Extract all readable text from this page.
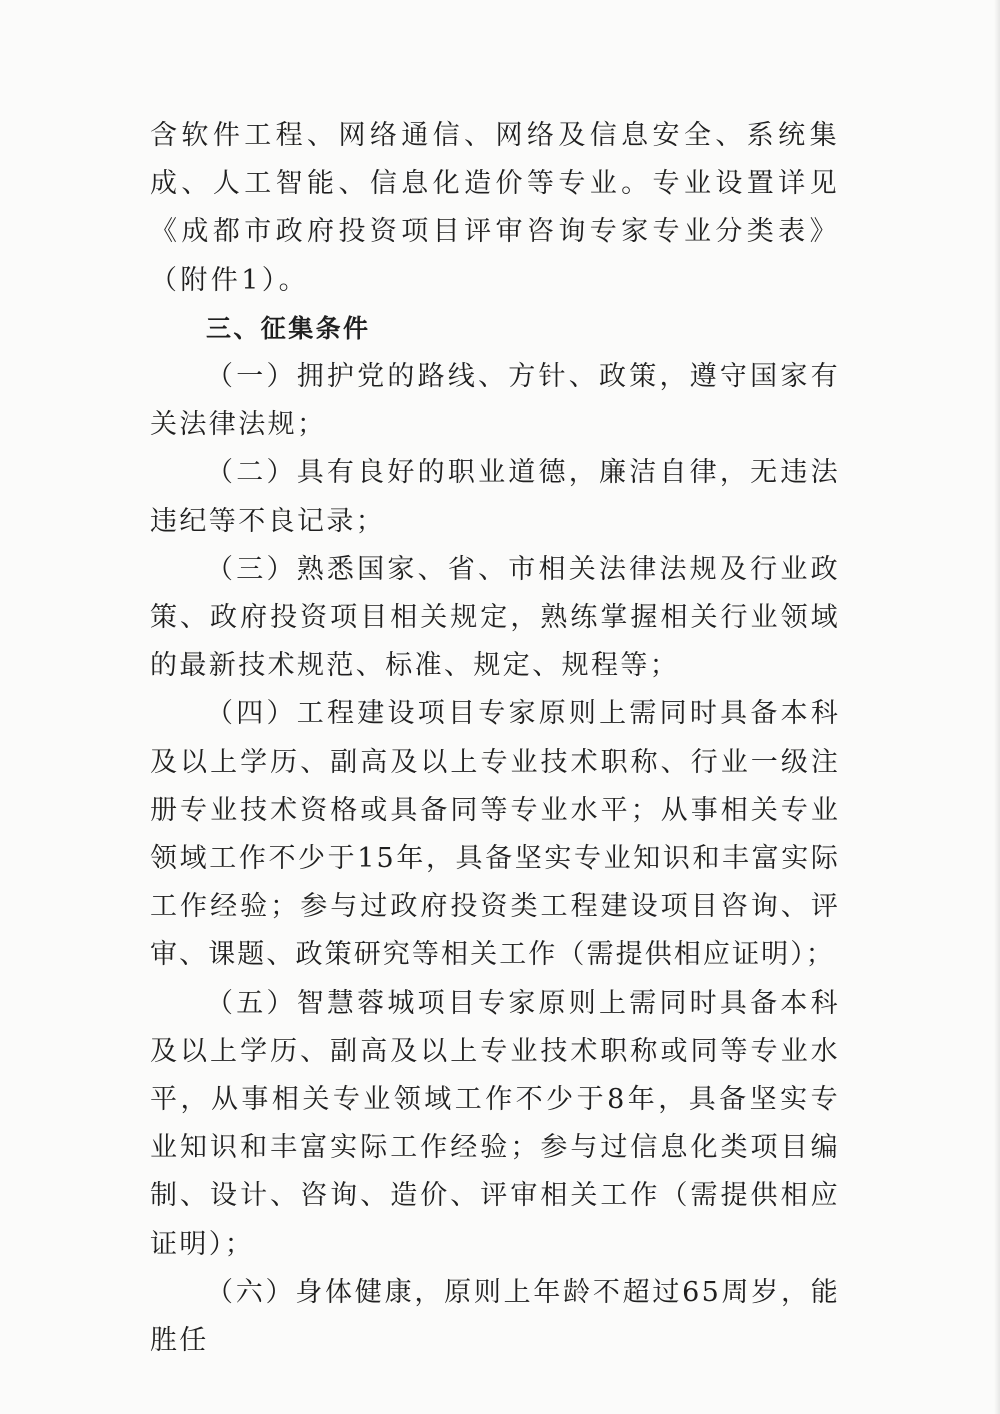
含软件工程、网络通信、网络及信息安全、系统集成、人工智能、信息化造价等专业。专业设置详见《成都市政府投资项目评审咨询专家专业分类表》（附件1）。

三、征集条件

（一）拥护党的路线、方针、政策，遵守国家有关法律法规；

（二）具有良好的职业道德，廉洁自律，无违法违纪等不良记录；

（三）熟悉国家、省、市相关法律法规及行业政策、政府投资项目相关规定，熟练掌握相关行业领域的最新技术规范、标准、规定、规程等；

（四）工程建设项目专家原则上需同时具备本科及以上学历、副高及以上专业技术职称、行业一级注册专业技术资格或具备同等专业水平；从事相关专业领域工作不少于15年，具备坚实专业知识和丰富实际工作经验；参与过政府投资类工程建设项目咨询、评审、课题、政策研究等相关工作（需提供相应证明）；

（五）智慧蓉城项目专家原则上需同时具备本科及以上学历、副高及以上专业技术职称或同等专业水平，从事相关专业领域工作不少于8年，具备坚实专业知识和丰富实际工作经验；参与过信息化类项目编制、设计、咨询、造价、评审相关工作（需提供相应证明）；

（六）身体健康，原则上年龄不超过65周岁，能胜任
